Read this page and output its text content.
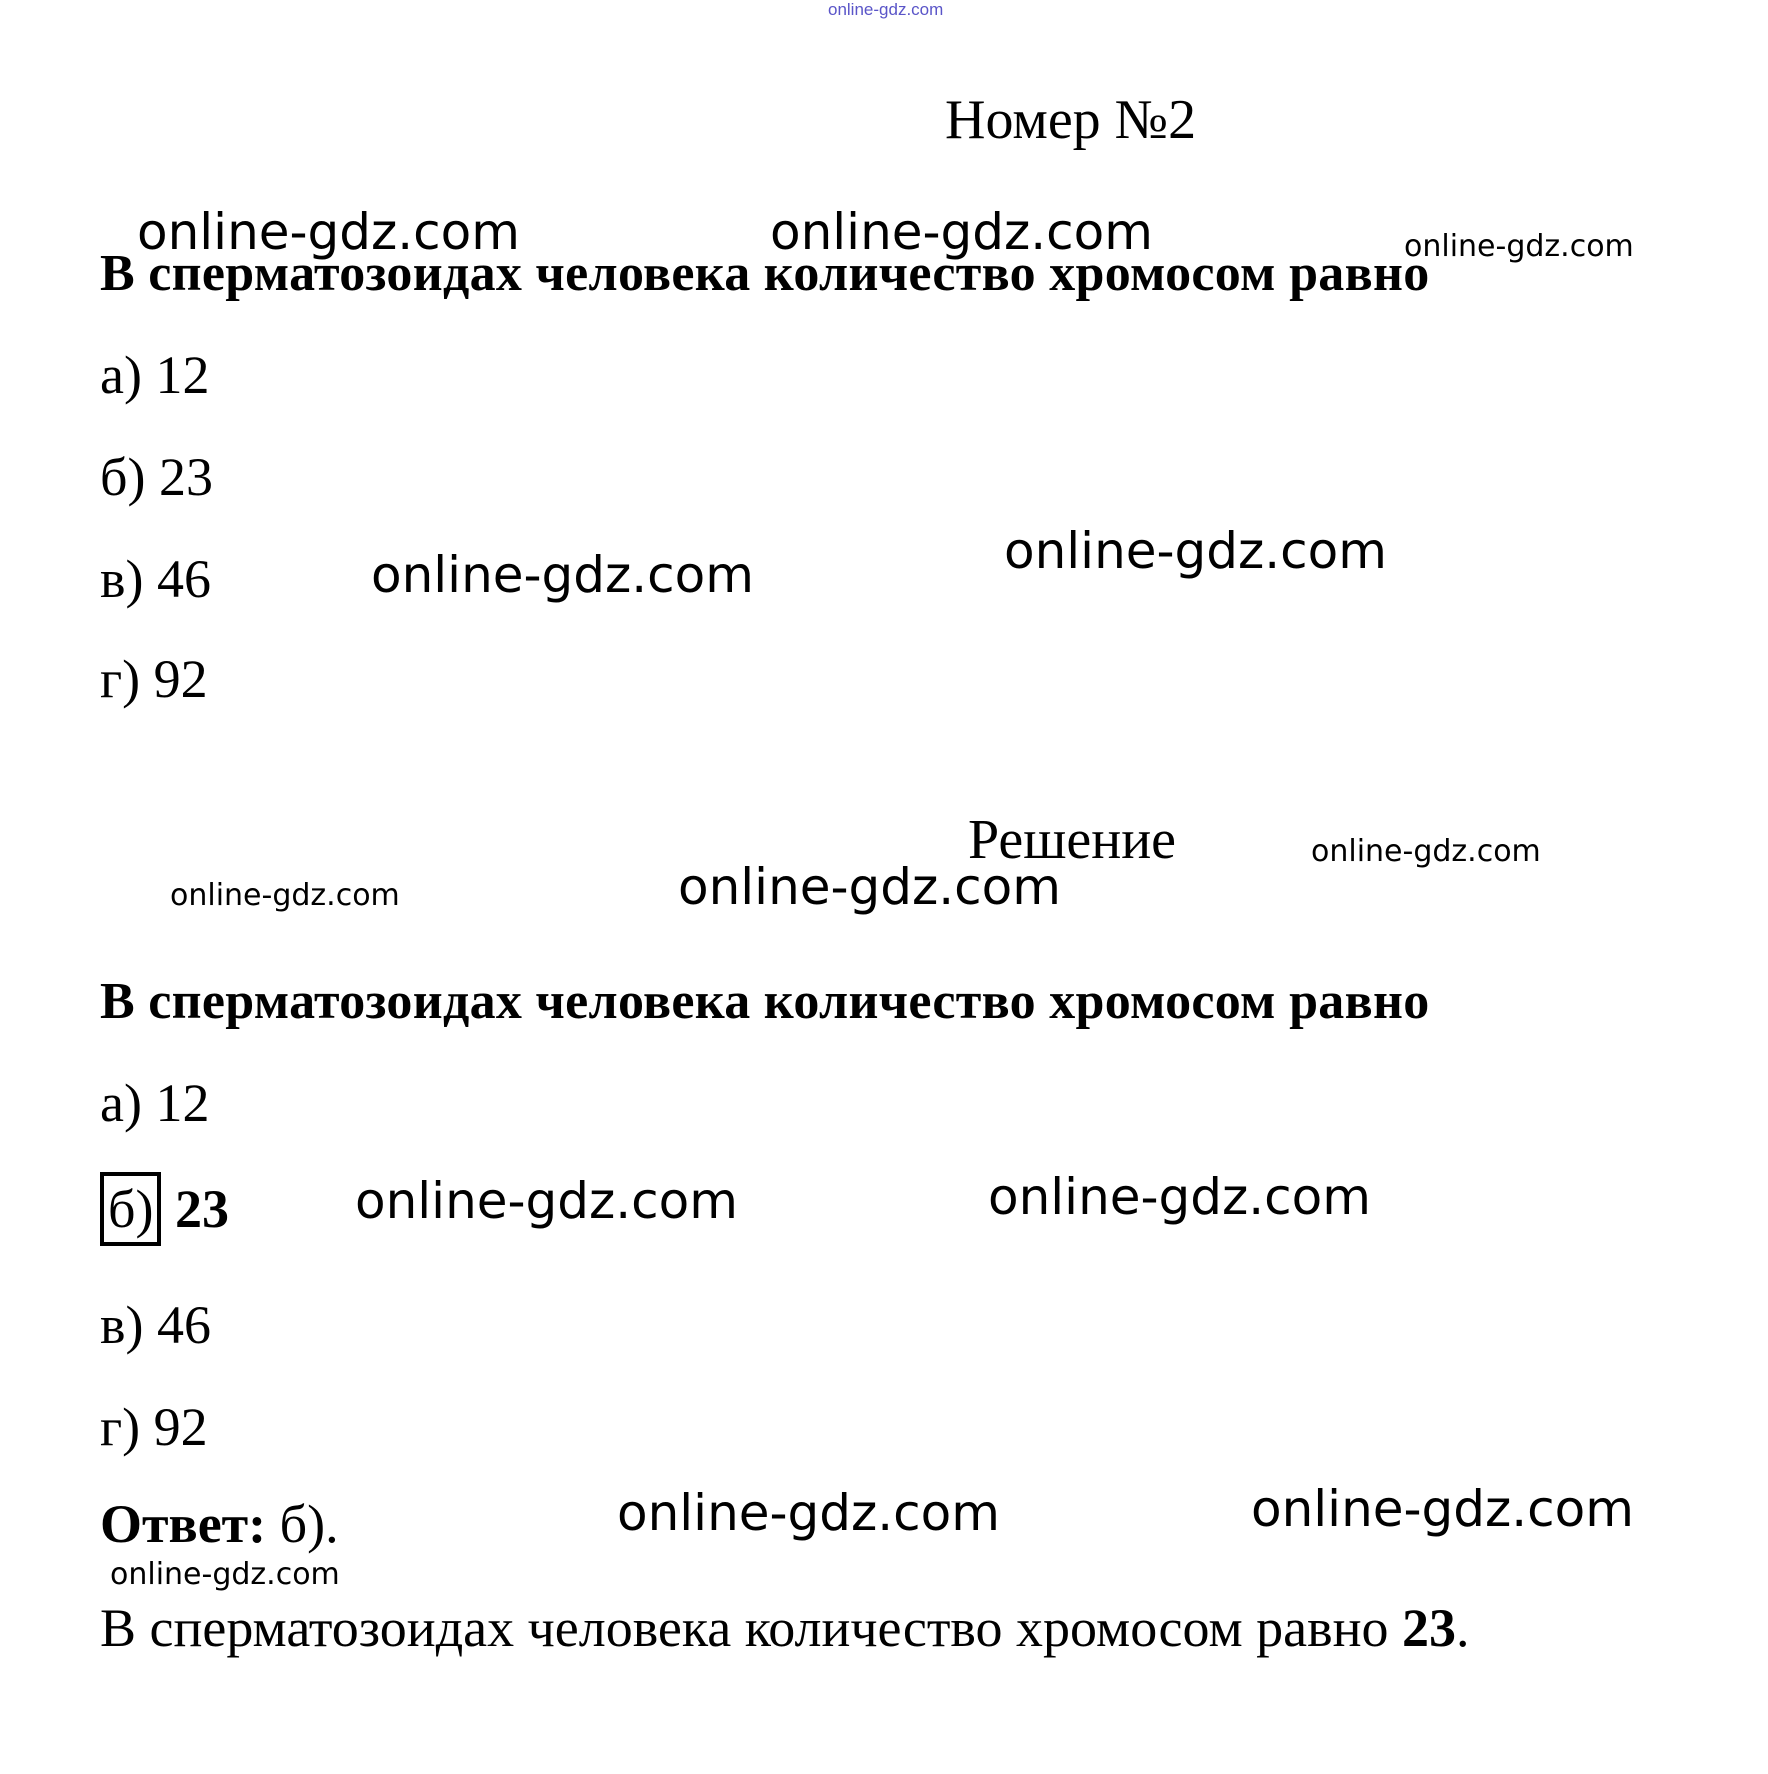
online-gdz.com
Номер №2
В сперматозоидах человека количество хромосом равно
а) 12
б) 23
в) 46
г) 92
Решение
В сперматозоидах человека количество хромосом равно
а) 12
б) 23
в) 46
г) 92
Ответ: б).
В сперматозоидах человека количество хромосом равно 23.
online-gdz.com	online-gdz.com	online-gdz.com
online-gdz.com
online-gdz.com
online-gdz.com
online-gdz.com
online-gdz.com
online-gdz.com
online-gdz.com
online-gdz.com
online-gdz.com
online-gdz.com
